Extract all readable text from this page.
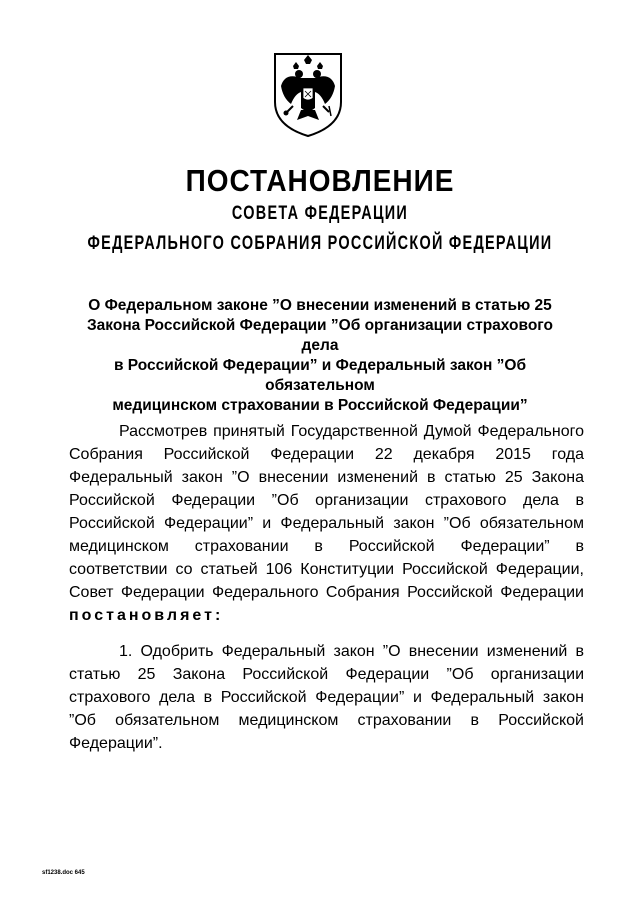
ПОСТАНОВЛЕНИЕ
СОВЕТА ФЕДЕРАЦИИ
ФЕДЕРАЛЬНОГО СОБРАНИЯ РОССИЙСКОЙ ФЕДЕРАЦИИ
О Федеральном законе ”О внесении изменений в статью 25
Закона Российской Федерации ”Об организации страхового дела
в Российской Федерации” и Федеральный закон ”Об обязательном
медицинском страховании в Российской Федерации”
Рассмотрев принятый Государственной Думой Федерального
Собрания Российской Федерации 22 декабря 2015 года
Федеральный закон ”О внесении изменений в статью 25 Закона
Российской Федерации ”Об организации страхового дела в
Российской Федерации” и Федеральный закон ”Об обязательном
медицинском страховании в Российской Федерации” в
соответствии со статьей 106 Конституции Российской Федерации,
Совет Федерации Федерального Собрания Российской Федерации
постановляет:
1. Одобрить Федеральный закон ”О внесении изменений в
статью 25 Закона Российской Федерации ”Об организации
страхового дела в Российской Федерации” и Федеральный закон
”Об обязательном медицинском страховании в Российской
Федерации”.
sf1238.doc 645
